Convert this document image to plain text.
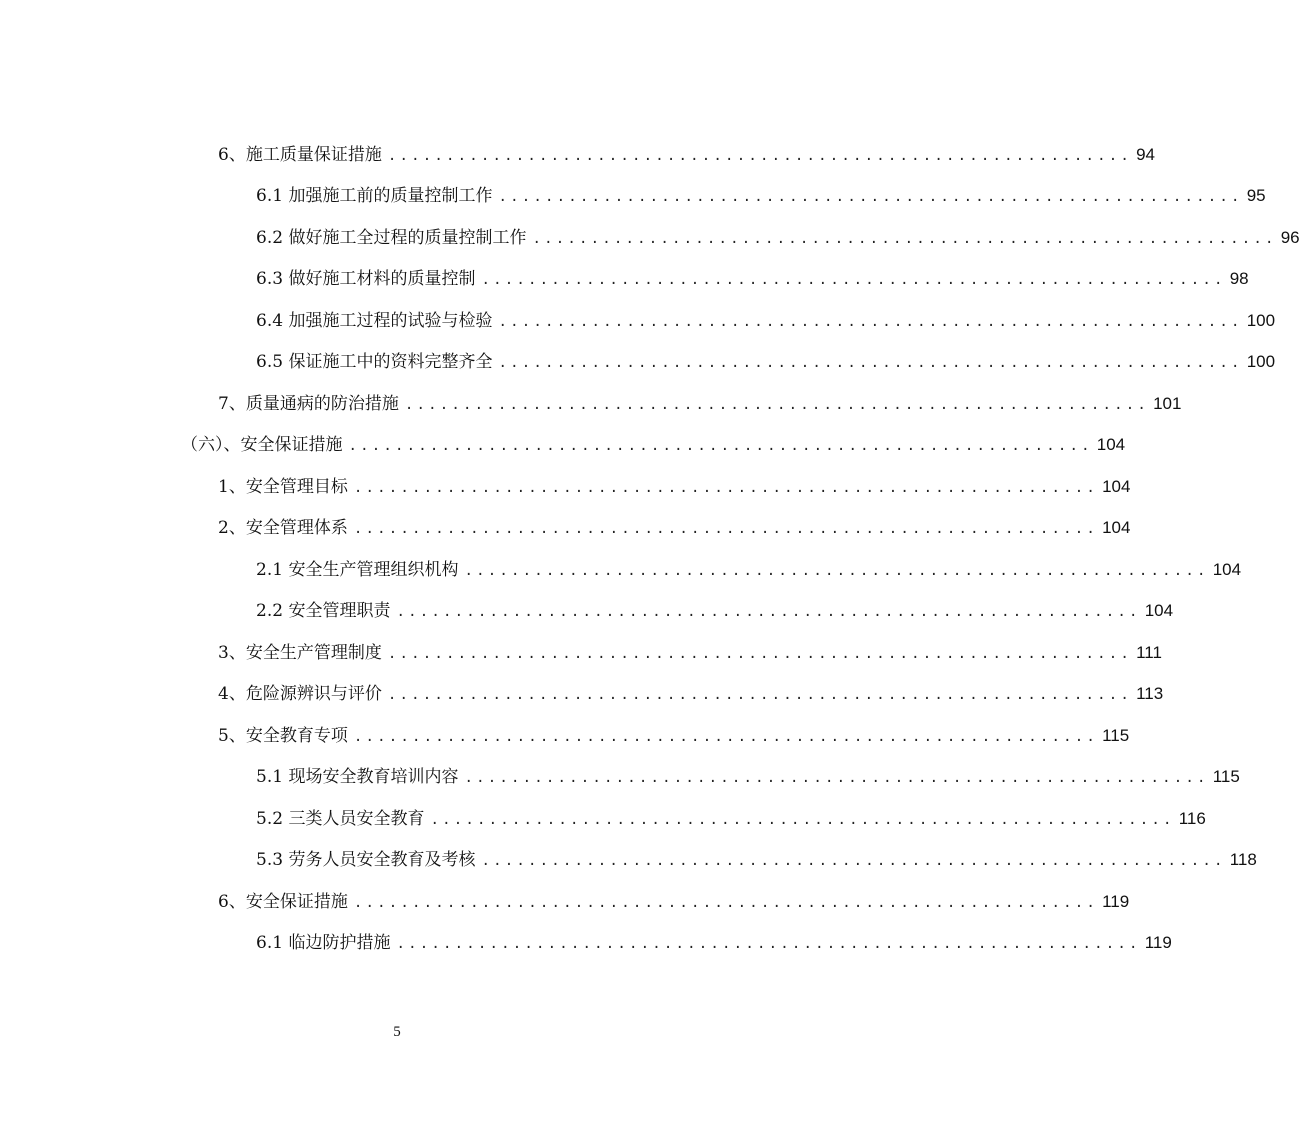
6、施工质量保证措施 ................................................................ 94
6.1 加强施工前的质量控制工作 ................................................................ 95
6.2 做好施工全过程的质量控制工作 ................................................................ 96
6.3 做好施工材料的质量控制 ................................................................ 98
6.4 加强施工过程的试验与检验 ................................................................ 100
6.5 保证施工中的资料完整齐全 ................................................................ 100
7、质量通病的防治措施 ................................................................ 101
（六）、安全保证措施 ................................................................ 104
1、安全管理目标 ................................................................ 104
2、安全管理体系 ................................................................ 104
2.1 安全生产管理组织机构 ................................................................ 104
2.2 安全管理职责 ................................................................ 104
3、安全生产管理制度 ................................................................ 111
4、危险源辨识与评价 ................................................................ 113
5、安全教育专项 ................................................................ 115
5.1 现场安全教育培训内容 ................................................................ 115
5.2 三类人员安全教育 ................................................................ 116
5.3 劳务人员安全教育及考核 ................................................................ 118
6、安全保证措施 ................................................................ 119
6.1 临边防护措施 ................................................................ 119
5
